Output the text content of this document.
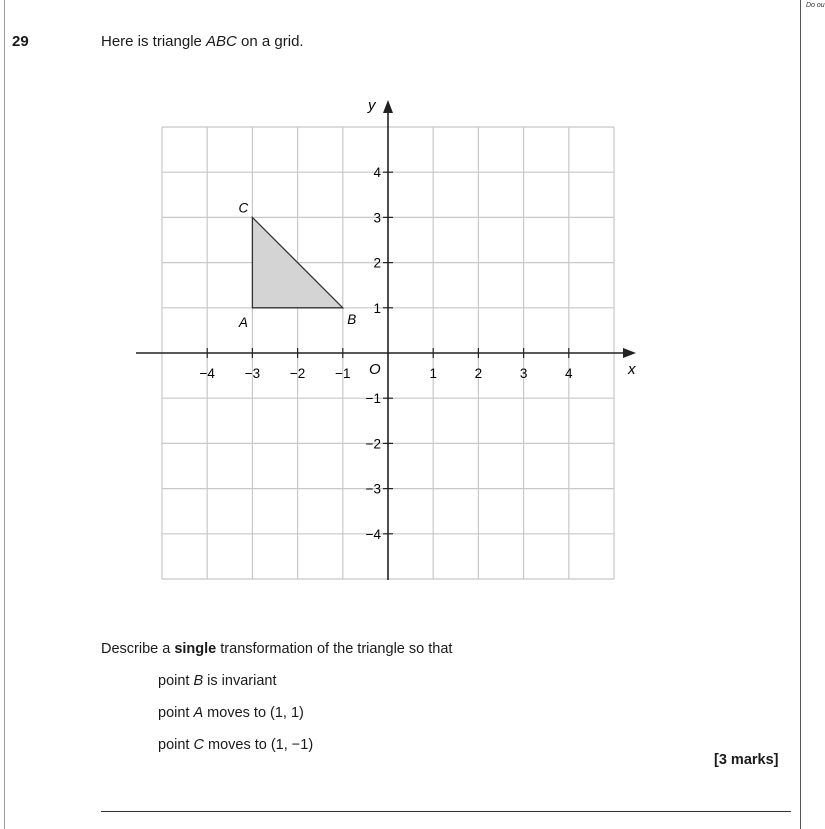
Do ou
29	Here is triangle ABC on a grid.
x
y
O
−4 −3 −2 −1	1	2	3	4
4
3
2
1
−1
−2
−3
−4
A	B
C
Describe a single transformation of the triangle so that
point B is invariant
point A moves to (1, 1)
point C moves to (1, −1)
[3 marks]
